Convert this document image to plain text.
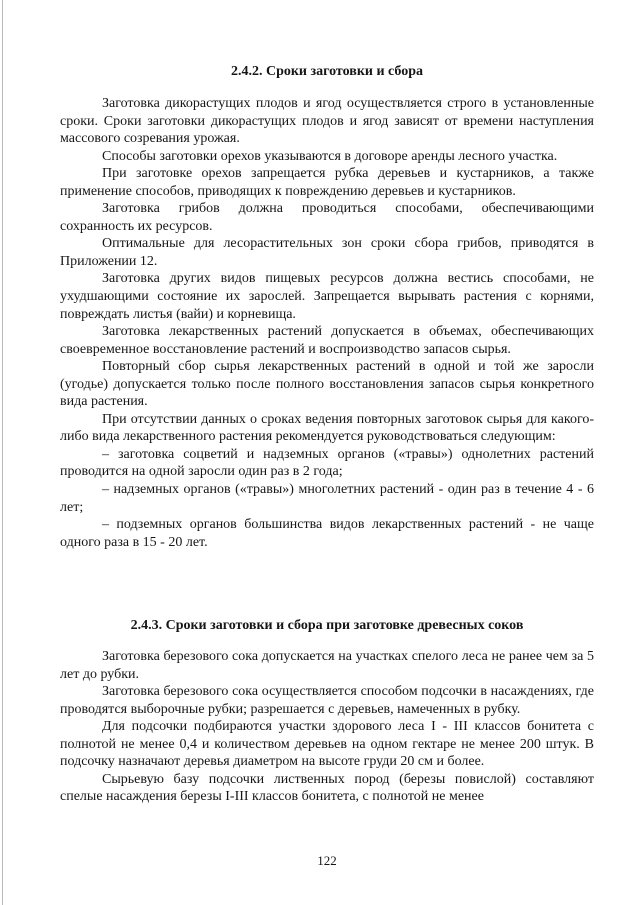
2.4.2. Сроки заготовки и сбора

Заготовка дикорастущих плодов и ягод осуществляется строго в установленные сроки. Сроки заготовки дикорастущих плодов и ягод зависят от времени наступления массового созревания урожая.

Способы заготовки орехов указываются в договоре аренды лесного участка.

При заготовке орехов запрещается рубка деревьев и кустарников, а также применение способов, приводящих к повреждению деревьев и кустарников.

Заготовка грибов должна проводиться способами, обеспечивающими сохранность их ресурсов.

Оптимальные для лесорастительных зон сроки сбора грибов, приводятся в Приложении 12.

Заготовка других видов пищевых ресурсов должна вестись способами, не ухудшающими состояние их зарослей. Запрещается вырывать растения с корнями, повреждать листья (вайи) и корневища.

Заготовка лекарственных растений допускается в объемах, обеспечивающих своевременное восстановление растений и воспроизводство запасов сырья.

Повторный сбор сырья лекарственных растений в одной и той же заросли (угодье) допускается только после полного восстановления запасов сырья конкретного вида растения.

При отсутствии данных о сроках ведения повторных заготовок сырья для какого-либо вида лекарственного растения рекомендуется руководствоваться следующим:

– заготовка соцветий и надземных органов («травы») однолетних растений проводится на одной заросли один раз в 2 года;

– надземных органов («травы») многолетних растений - один раз в течение 4 - 6 лет;

– подземных органов большинства видов лекарственных растений - не чаще одного раза в 15 - 20 лет.

2.4.3. Сроки заготовки и сбора при заготовке древесных соков

Заготовка березового сока допускается на участках спелого леса не ранее чем за 5 лет до рубки.

Заготовка березового сока осуществляется способом подсочки в насаждениях, где проводятся выборочные рубки; разрешается с деревьев, намеченных в рубку.

Для подсочки подбираются участки здорового леса I - III классов бонитета с полнотой не менее 0,4 и количеством деревьев на одном гектаре не менее 200 штук. В подсочку назначают деревья диаметром на высоте груди 20 см и более.

Сырьевую базу подсочки лиственных пород (березы повислой) составляют спелые насаждения березы I-III классов бонитета, с полнотой не менее

122
